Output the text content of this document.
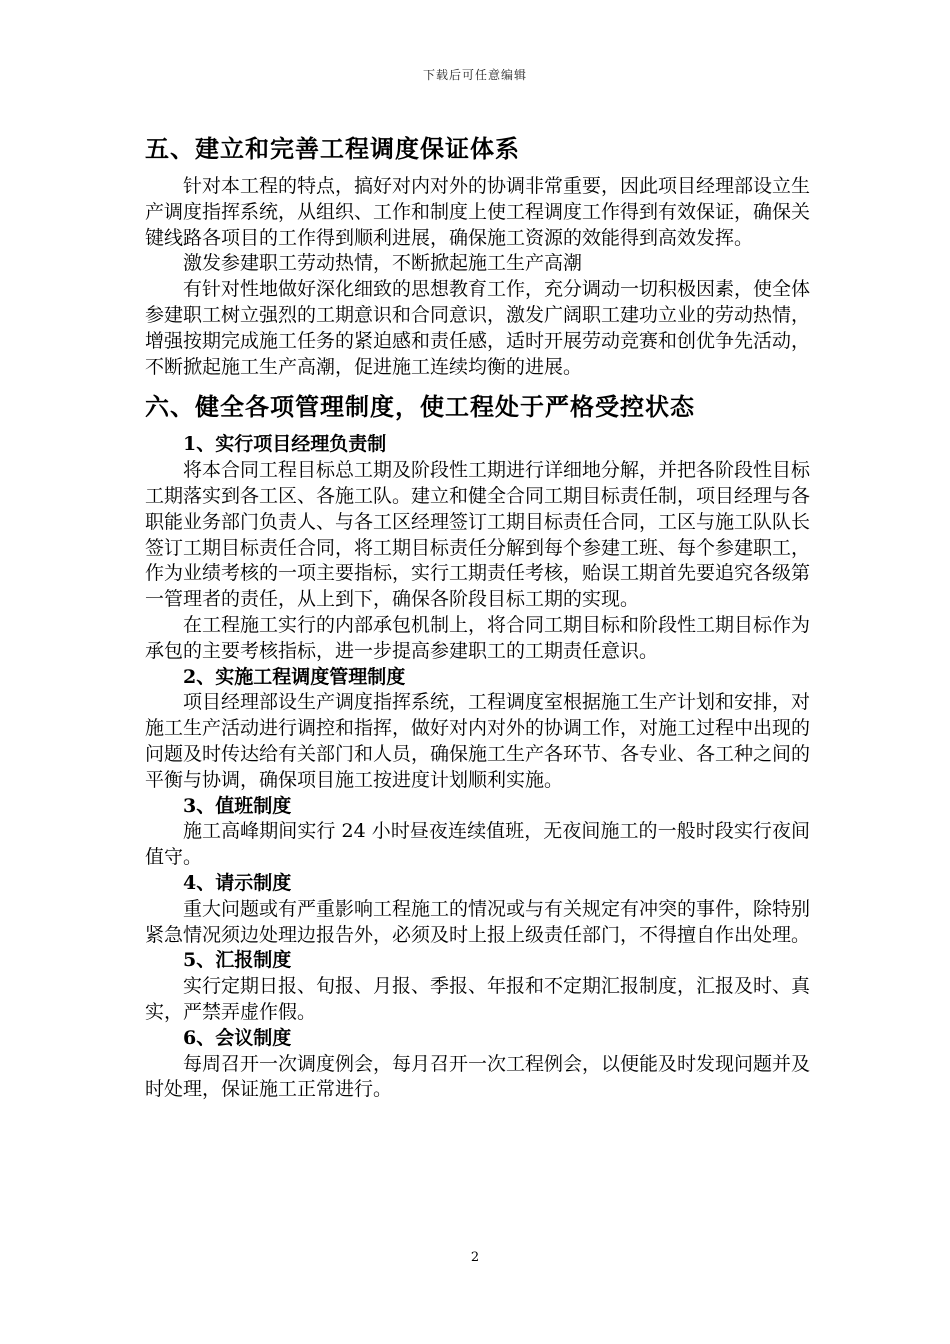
下载后可任意编辑
五、建立和完善工程调度保证体系

针对本工程的特点，搞好对内对外的协调非常重要，因此项目经理部设立生产调度指挥系统，从组织、工作和制度上使工程调度工作得到有效保证，确保关键线路各项目的工作得到顺利进展，确保施工资源的效能得到高效发挥。

激发参建职工劳动热情，不断掀起施工生产高潮

有针对性地做好深化细致的思想教育工作，充分调动一切积极因素，使全体参建职工树立强烈的工期意识和合同意识，激发广阔职工建功立业的劳动热情，增强按期完成施工任务的紧迫感和责任感，适时开展劳动竞赛和创优争先活动，不断掀起施工生产高潮，促进施工连续均衡的进展。

六、健全各项管理制度，使工程处于严格受控状态
1、实行项目经理负责制

将本合同工程目标总工期及阶段性工期进行详细地分解，并把各阶段性目标工期落实到各工区、各施工队。建立和健全合同工期目标责任制，项目经理与各职能业务部门负责人、与各工区经理签订工期目标责任合同，工区与施工队队长签订工期目标责任合同，将工期目标责任分解到每个参建工班、每个参建职工，作为业绩考核的一项主要指标，实行工期责任考核，贻误工期首先要追究各级第一管理者的责任，从上到下，确保各阶段目标工期的实现。

在工程施工实行的内部承包机制上，将合同工期目标和阶段性工期目标作为承包的主要考核指标，进一步提高参建职工的工期责任意识。

2、实施工程调度管理制度

项目经理部设生产调度指挥系统，工程调度室根据施工生产计划和安排，对施工生产活动进行调控和指挥，做好对内对外的协调工作，对施工过程中出现的问题及时传达给有关部门和人员，确保施工生产各环节、各专业、各工种之间的平衡与协调，确保项目施工按进度计划顺利实施。

3、值班制度

施工高峰期间实行 24 小时昼夜连续值班，无夜间施工的一般时段实行夜间值守。

4、请示制度

重大问题或有严重影响工程施工的情况或与有关规定有冲突的事件，除特别紧急情况须边处理边报告外，必须及时上报上级责任部门，不得擅自作出处理。

5、汇报制度

实行定期日报、旬报、月报、季报、年报和不定期汇报制度，汇报及时、真实，严禁弄虚作假。

6、会议制度

每周召开一次调度例会，每月召开一次工程例会，以便能及时发现问题并及时处理，保证施工正常进行。

2
